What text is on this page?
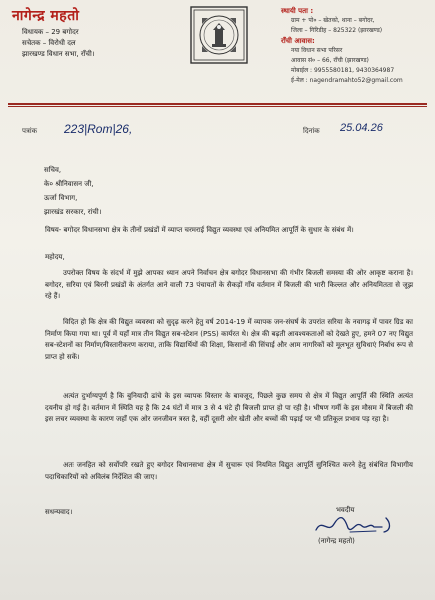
नागेन्द्र महतो
विधायक – 29 बगोदर
सचेतक – विरोधी दल
झारखण्ड विधान सभा, राँची।
स्थायी पता :
ग्राम + पो० – खेतको, थाना – बगोदर,
जिला – गिरिडीह – 825322 (झारखण्ड)
राँची आवास:
नया विधान सभा परिसर
आवास सं० – 66, राँची (झारखण्ड)
मोबाईल : 9955580181, 9430364987
ई-मेल : nagendramahto52@gmail.com
पत्रांक 223|Rom|26,	दिनांक 25.04.26
सचिव,
के० श्रीनिवासन जी,
ऊर्जा विभाग,
झारखंड सरकार, रांची।
विषय- बगोदर विधानसभा क्षेत्र के तीनों प्रखंडों में व्याप्त चरमराई विद्युत व्यवस्था एवं अनियमित आपूर्ति के सुधार के संबंध में।
महोदय,
उपरोक्त विषय के संदर्भ में मुझे आपका ध्यान अपने निर्वाचन क्षेत्र बगोदर विधानसभा की गंभीर बिजली समस्या की ओर आकृष्ट कराना है। बगोदर, सरिया एवं बिरनी प्रखंडों के अंतर्गत आने वाली 73 पंचायतों के सैकड़ों गाँव वर्तमान में बिजली की भारी किल्लत और अनियमितता से जूझ रहे हैं।
विदित हो कि क्षेत्र की विद्युत व्यवस्था को सुदृढ़ करने हेतु वर्ष 2014-19 में व्यापक जन-संघर्ष के उपरांत सरिया के नवागढ़ में पावर ग्रिड का निर्माण किया गया था। पूर्व में यहाँ मात्र तीन विद्युत सब-स्टेशन (PSS) कार्यरत थे। क्षेत्र की बढ़ती आवश्यकताओं को देखते हुए, हमने 07 नए विद्युत सब-स्टेशनों का निर्माण/विस्तारीकरण कराया, ताकि विद्यार्थियों की शिक्षा, किसानों की सिंचाई और आम नागरिकों को मूलभूत सुविधाएं निर्बाध रूप से प्राप्त हो सकें।
अत्यंत दुर्भाग्यपूर्ण है कि बुनियादी ढांचे के इस व्यापक विस्तार के बावजूद, पिछले कुछ समय से क्षेत्र में विद्युत आपूर्ति की स्थिति अत्यंत दयनीय हो गई है। वर्तमान में स्थिति यह है कि 24 घंटों में मात्र 3 से 4 घंटे ही बिजली प्राप्त हो पा रही है। भीषण गर्मी के इस मौसम में बिजली की इस लचर व्यवस्था के कारण जहाँ एक ओर जनजीवन त्रस्त है, वहीं दूसरी ओर खेती और बच्चों की पढ़ाई पर भी प्रतिकूल प्रभाव पड़ रहा है।
अतः जनहित को सर्वोपरि रखते हुए बगोदर विधानसभा क्षेत्र में सुचारू एवं नियमित विद्युत आपूर्ति सुनिश्चित करने हेतु संबंधित विभागीय पदाधिकारियों को अविलंब निर्देशित की जाए।
सधन्यवाद।	भवदीय
(नागेन्द्र महतो)
